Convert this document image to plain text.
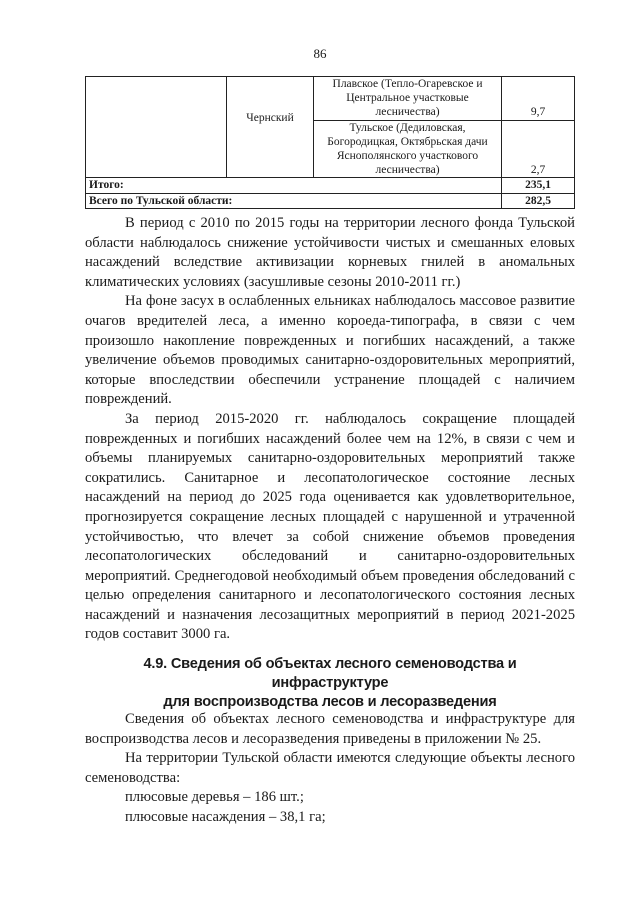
86
	Чернский	Плавское (Тепло-Огаревское и Центральное участковые лесничества)	9,7
		Тульское (Дедиловская, Богородицкая, Октябрьская дачи Яснополянского участкового лесничества)	2,7
Итого:			235,1
Всего по Тульской области:			282,5

В период с 2010 по 2015 годы на территории лесного фонда Тульской области наблюдалось снижение устойчивости чистых и смешанных еловых насаждений вследствие активизации корневых гнилей в аномальных климатических условиях (засушливые сезоны 2010-2011 гг.)

На фоне засух в ослабленных ельниках наблюдалось массовое развитие очагов вредителей леса, а именно короеда-типографа, в связи с чем произошло накопление поврежденных и погибших насаждений, а также увеличение объемов проводимых санитарно-оздоровительных мероприятий, которые впоследствии обеспечили устранение площадей с наличием повреждений.

За период 2015-2020 гг. наблюдалось сокращение площадей поврежденных и погибших насаждений более чем на 12%, в связи с чем и объемы планируемых санитарно-оздоровительных мероприятий также сократились. Санитарное и лесопатологическое состояние лесных насаждений на период до 2025 года оценивается как удовлетворительное, прогнозируется сокращение лесных площадей с нарушенной и утраченной устойчивостью, что влечет за собой снижение объемов проведения лесопатологических обследований и санитарно-оздоровительных мероприятий. Среднегодовой необходимый объем проведения обследований с целью определения санитарного и лесопатологического состояния лесных насаждений и назначения лесозащитных мероприятий в период 2021-2025 годов составит 3000 га.

4.9. Сведения об объектах лесного семеноводства и инфраструктуре
для воспроизводства лесов и лесоразведения

Сведения об объектах лесного семеноводства и инфраструктуре для воспроизводства лесов и лесоразведения приведены в приложении № 25.

На территории Тульской области имеются следующие объекты лесного семеноводства:

плюсовые деревья – 186 шт.;

плюсовые насаждения – 38,1 га;
